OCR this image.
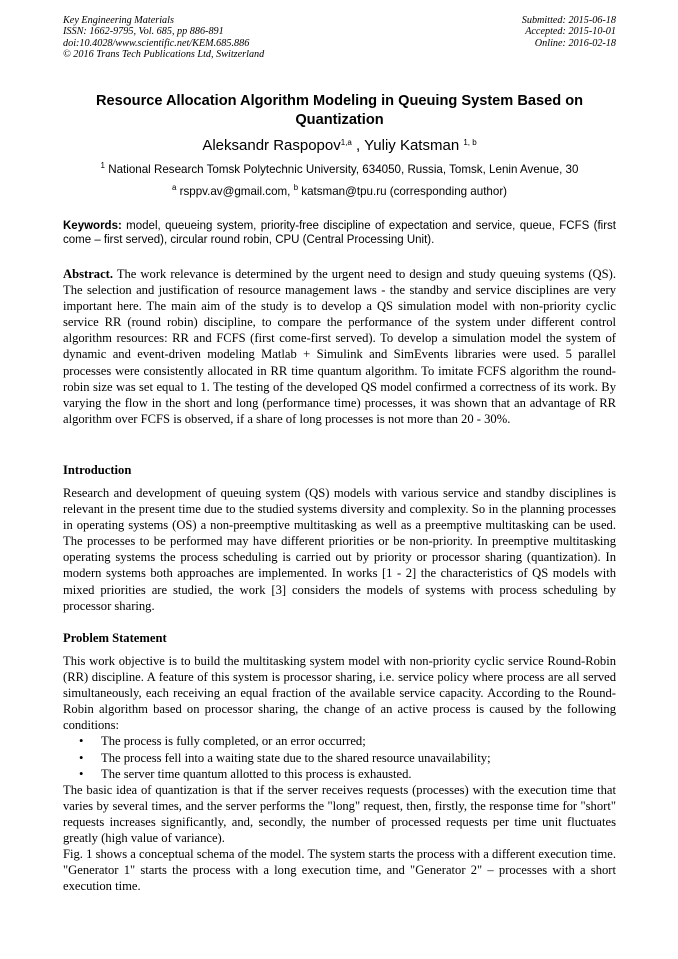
Key Engineering Materials
ISSN: 1662-9795, Vol. 685, pp 886-891
doi:10.4028/www.scientific.net/KEM.685.886
© 2016 Trans Tech Publications Ltd, Switzerland
Submitted: 2015-06-18
Accepted: 2015-10-01
Online: 2016-02-18
Resource Allocation Algorithm Modeling in Queuing System Based on
Quantization
Aleksandr Raspopov$^{1,a}$ , Yuliy Katsman $^{1, b}$
$^1$ National Research Tomsk Polytechnic University, 634050, Russia, Tomsk, Lenin Avenue, 30
$^a$ rsppv.av@gmail.com, $^b$ katsman@tpu.ru (corresponding author)
Keywords: model, queueing system, priority-free discipline of expectation and service, queue, FCFS (first come – first served), circular round robin, CPU (Central Processing Unit).
Abstract. The work relevance is determined by the urgent need to design and study queuing systems (QS). The selection and justification of resource management laws - the standby and service disciplines are very important here. The main aim of the study is to develop a QS simulation model with non-priority cyclic service RR (round robin) discipline, to compare the performance of the system under different control algorithm resources: RR and FCFS (first come-first served). To develop a simulation model the system of dynamic and event-driven modeling Matlab + Simulink and SimEvents libraries were used. 5 parallel processes were consistently allocated in RR time quantum algorithm. To imitate FCFS algorithm the round-robin size was set equal to 1. The testing of the developed QS model confirmed a correctness of its work. By varying the flow in the short and long (performance time) processes, it was shown that an advantage of RR algorithm over FCFS is observed, if a share of long processes is not more than 20 - 30%.
Introduction
Research and development of queuing system (QS) models with various service and standby disciplines is relevant in the present time due to the studied systems diversity and complexity. So in the planning processes in operating systems (OS) a non-preemptive multitasking as well as a preemptive multitasking can be used. The processes to be performed may have different priorities or be non-priority. In preemptive multitasking operating systems the process scheduling is carried out by priority or processor sharing (quantization). In modern systems both approaches are implemented. In works [1 - 2] the characteristics of QS models with mixed priorities are studied, the work [3] considers the models of systems with process scheduling by processor sharing.
Problem Statement

This work objective is to build the multitasking system model with non-priority cyclic service Round-Robin (RR) discipline. A feature of this system is processor sharing, i.e. service policy where process are all served simultaneously, each receiving an equal fraction of the available service capacity. According to the Round-Robin algorithm based on processor sharing, the change of an active process is caused by the following conditions:

• The process is fully completed, or an error occurred;
• The process fell into a waiting state due to the shared resource unavailability;
• The server time quantum allotted to this process is exhausted.

The basic idea of quantization is that if the server receives requests (processes) with the execution time that varies by several times, and the server performs the "long" request, then, firstly, the response time for "short" requests increases significantly, and, secondly, the number of processed requests per time unit fluctuates greatly (high value of variance).

Fig. 1 shows a conceptual schema of the model. The system starts the process with a different execution time. "Generator 1" starts the process with a long execution time, and "Generator 2" – processes with a short execution time.
